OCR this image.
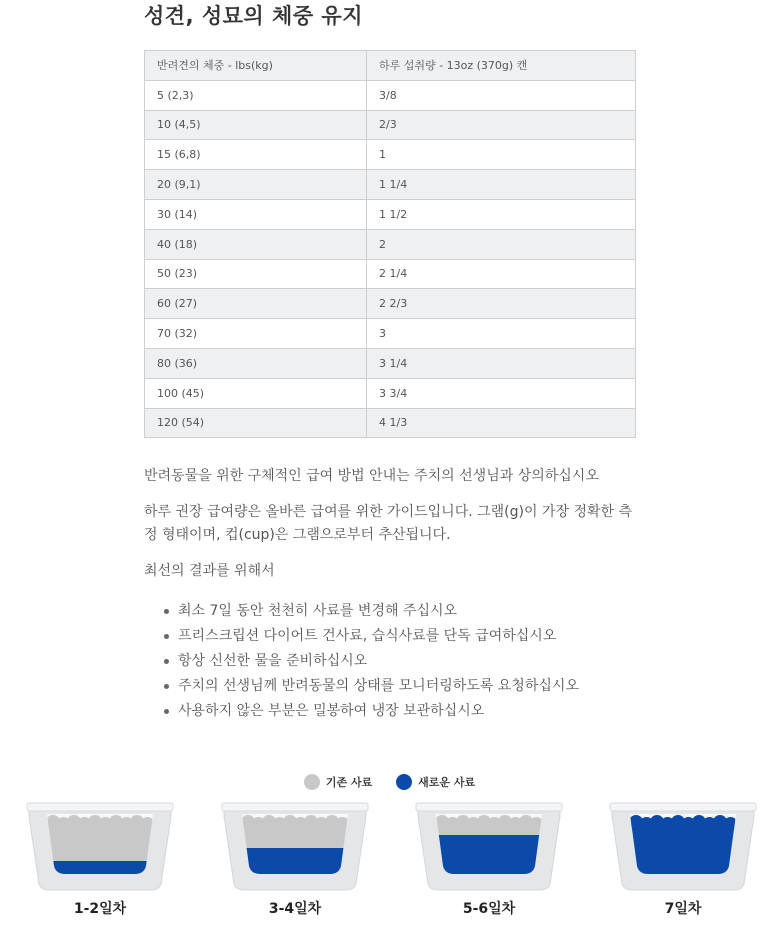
성견, 성묘의 체중 유지
반려견의 체중 - lbs(kg)	하루 섭취량 - 13oz (370g) 캔
5 (2,3)	3/8
10 (4,5)	2/3
15 (6,8)	1
20 (9,1)	1 1/4
30 (14)	1 1/2
40 (18)	2
50 (23)	2 1/4
60 (27)	2 2/3
70 (32)	3
80 (36)	3 1/4
100 (45)	3 3/4
120 (54)	4 1/3

반려동물을 위한 구체적인 급여 방법 안내는 주치의 선생님과 상의하십시오

하루 권장 급여량은 올바른 급여를 위한 가이드입니다. 그램(g)이 가장 정확한 측정 형태이며, 컵(cup)은 그램으로부터 추산됩니다.

최선의 결과를 위해서

최소 7일 동안 천천히 사료를 변경해 주십시오
프리스크립션 다이어트 건사료, 습식사료를 단독 급여하십시오
항상 신선한 물을 준비하십시오
주치의 선생님께 반려동물의 상태를 모니터링하도록 요청하십시오
사용하지 않은 부분은 밀봉하여 냉장 보관하십시오
기존 사료
	새로운 사료
1-2일차	3-4일차	5-6일차	7일차
